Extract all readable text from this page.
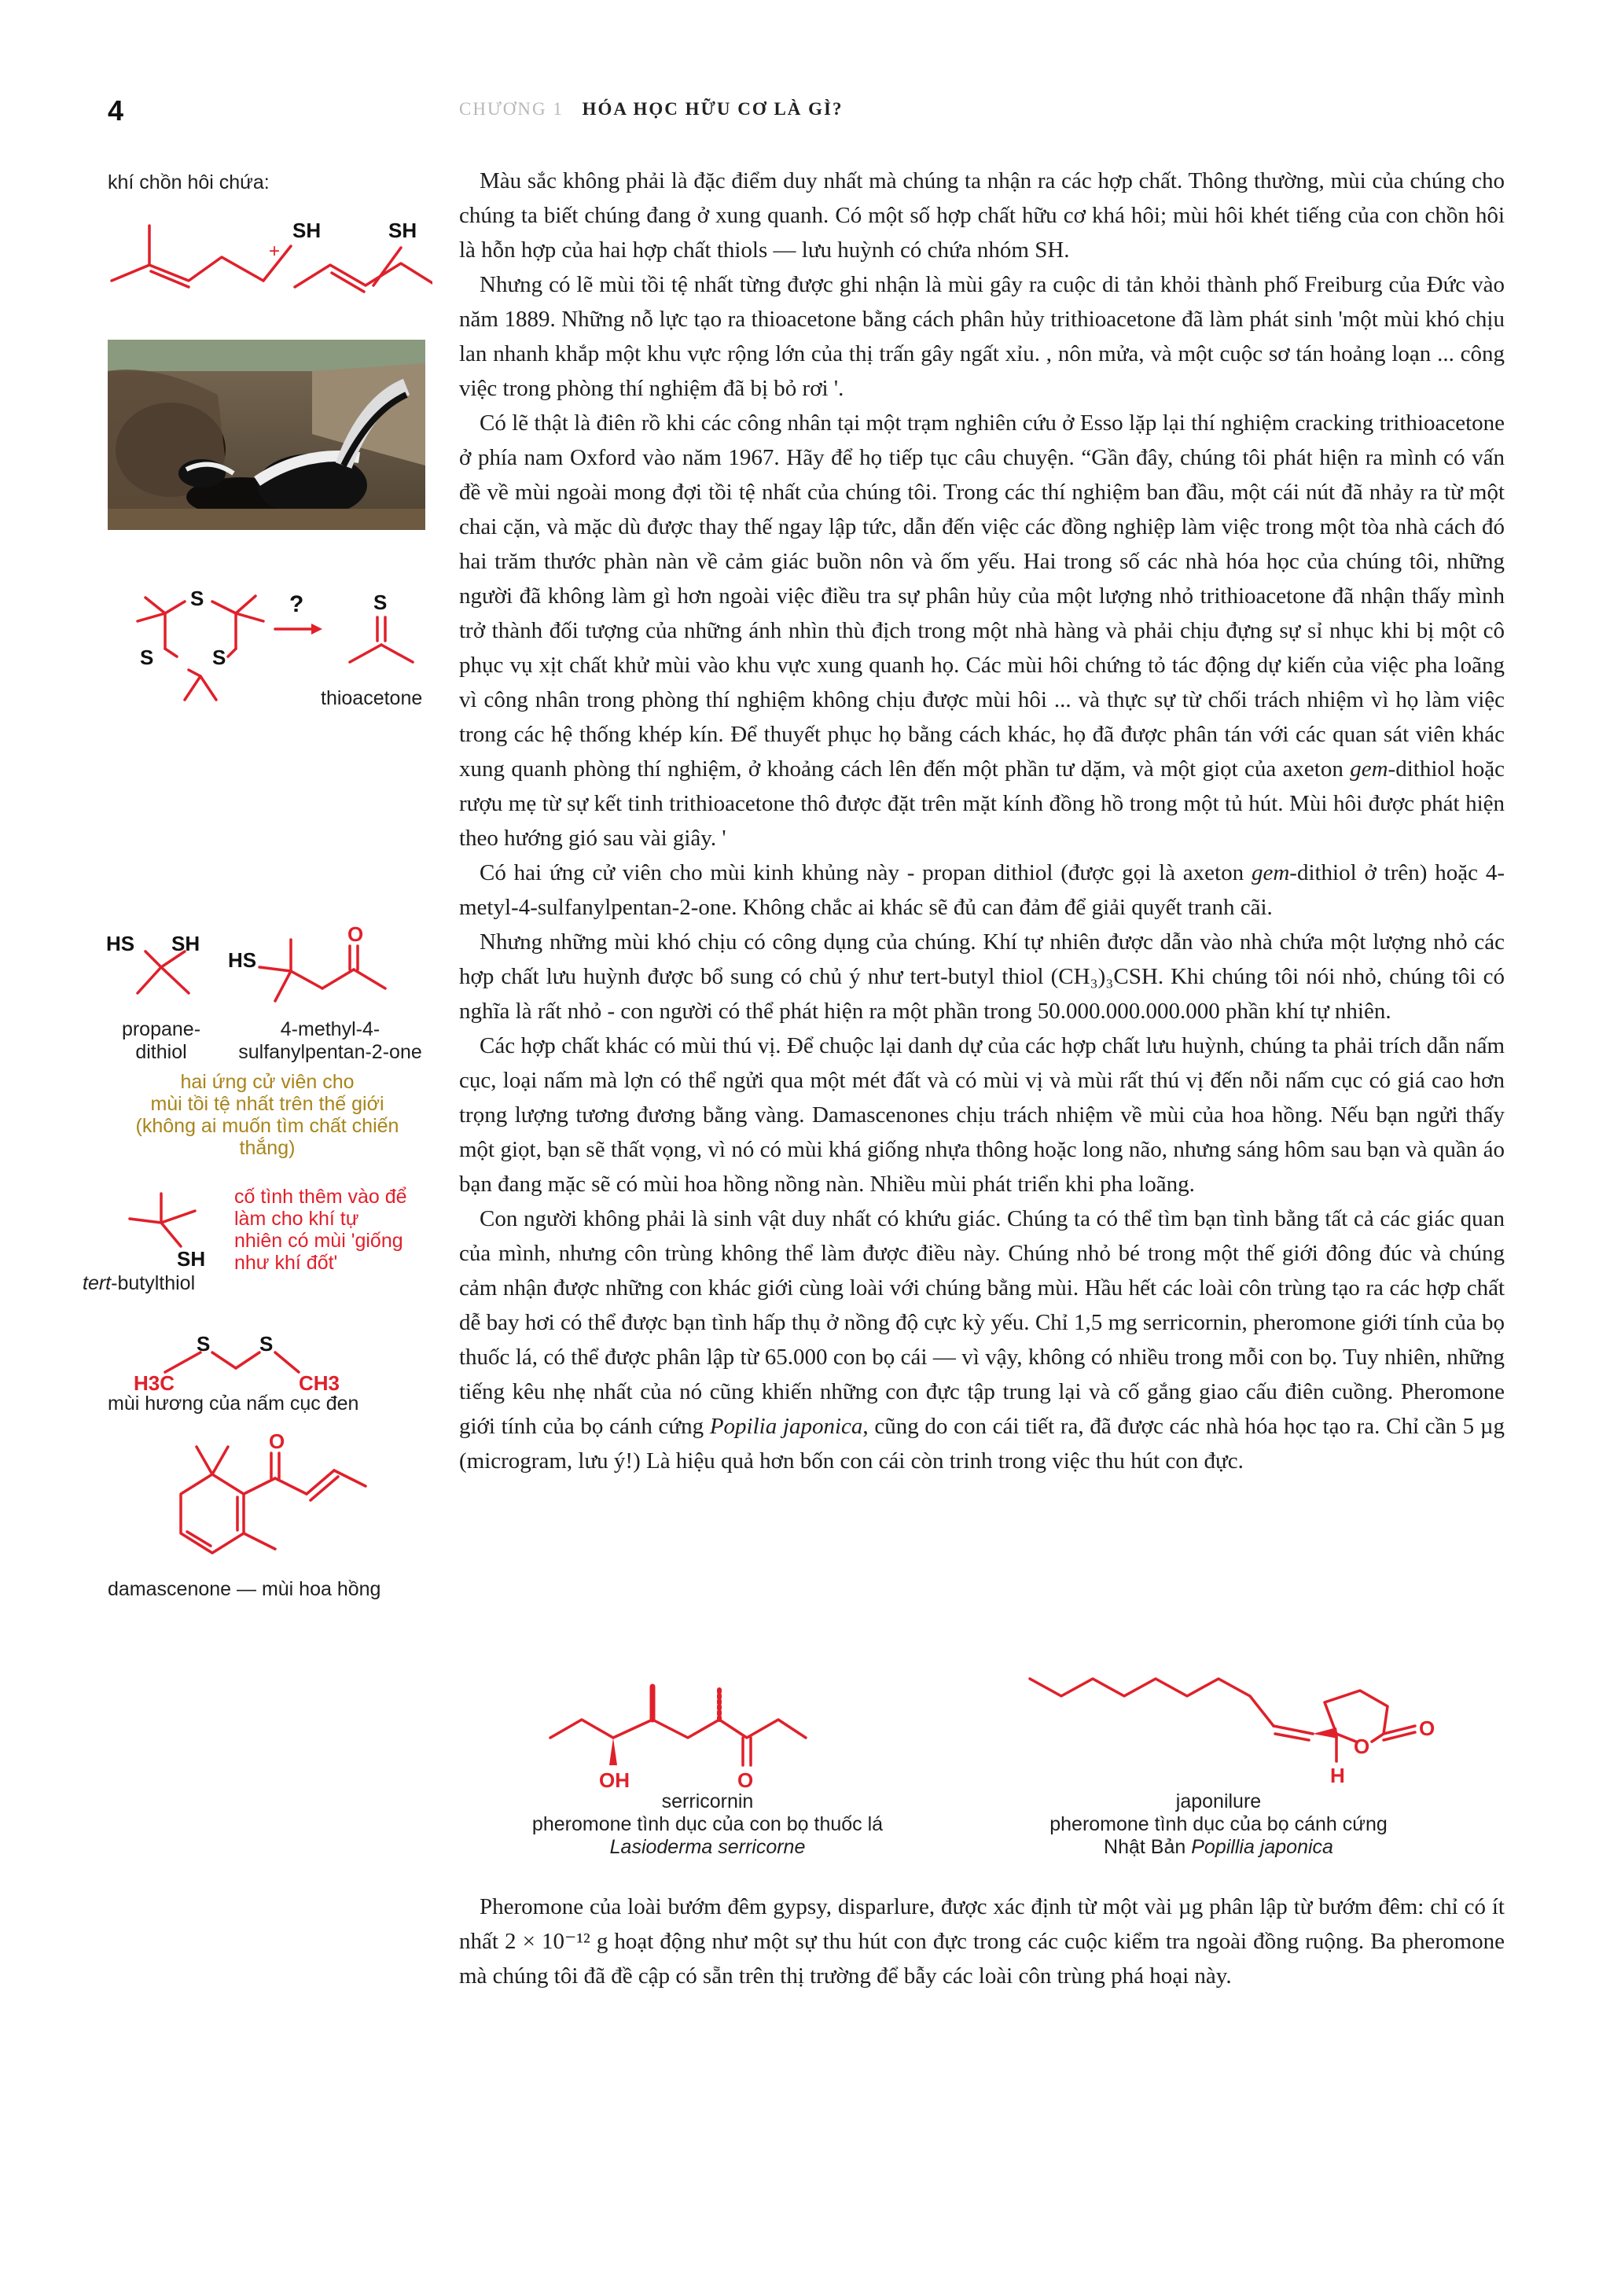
4	CHƯƠNG 1 HÓA HỌC HỮU CƠ LÀ GÌ?
khí chồn hôi chứa:
SH
+
SH
S
S	S
?	S
thioacetone
HS SH
HS
O
propane-
dithiol
4-methyl-4-
sulfanylpentan-2-one
hai ứng cử viên cho
mùi tồi tệ nhất trên thế giới
(không ai muốn tìm chất chiến
thắng)
SH
tert-butylthiol
cố tình thêm vào để
làm cho khí tự
nhiên có mùi 'giống
như khí đốt'
S S
H3C	CH3
mùi hương của nấm cục đen
O
damascenone — mùi hoa hồng

Màu sắc không phải là đặc điểm duy nhất mà chúng ta nhận ra các hợp chất. Thông thường, mùi của chúng cho chúng ta biết chúng đang ở xung quanh. Có một số hợp chất hữu cơ khá hôi; mùi hôi khét tiếng của con chồn hôi là hỗn hợp của hai hợp chất thiols — lưu huỳnh có chứa nhóm SH.

Nhưng có lẽ mùi tồi tệ nhất từng được ghi nhận là mùi gây ra cuộc di tản khỏi thành phố Freiburg của Đức vào năm 1889. Những nỗ lực tạo ra thioacetone bằng cách phân hủy trithioacetone đã làm phát sinh 'một mùi khó chịu lan nhanh khắp một khu vực rộng lớn của thị trấn gây ngất xỉu. , nôn mửa, và một cuộc sơ tán hoảng loạn ... công việc trong phòng thí nghiệm đã bị bỏ rơi '.

Có lẽ thật là điên rồ khi các công nhân tại một trạm nghiên cứu ở Esso lặp lại thí nghiệm cracking trithioacetone ở phía nam Oxford vào năm 1967. Hãy để họ tiếp tục câu chuyện. “Gần đây, chúng tôi phát hiện ra mình có vấn đề về mùi ngoài mong đợi tồi tệ nhất của chúng tôi. Trong các thí nghiệm ban đầu, một cái nút đã nhảy ra từ một chai cặn, và mặc dù được thay thế ngay lập tức, dẫn đến việc các đồng nghiệp làm việc trong một tòa nhà cách đó hai trăm thước phàn nàn về cảm giác buồn nôn và ốm yếu. Hai trong số các nhà hóa học của chúng tôi, những người đã không làm gì hơn ngoài việc điều tra sự phân hủy của một lượng nhỏ trithioacetone đã nhận thấy mình trở thành đối tượng của những ánh nhìn thù địch trong một nhà hàng và phải chịu đựng sự sỉ nhục khi bị một cô phục vụ xịt chất khử mùi vào khu vực xung quanh họ. Các mùi hôi chứng tỏ tác động dự kiến của việc pha loãng vì công nhân trong phòng thí nghiệm không chịu được mùi hôi ... và thực sự từ chối trách nhiệm vì họ làm việc trong các hệ thống khép kín. Để thuyết phục họ bằng cách khác, họ đã được phân tán với các quan sát viên khác xung quanh phòng thí nghiệm, ở khoảng cách lên đến một phần tư dặm, và một giọt của axeton gem-dithiol hoặc rượu mẹ từ sự kết tinh trithioacetone thô được đặt trên mặt kính đồng hồ trong một tủ hút. Mùi hôi được phát hiện theo hướng gió sau vài giây. '

Có hai ứng cử viên cho mùi kinh khủng này - propan dithiol (được gọi là axeton gem-dithiol ở trên) hoặc 4-metyl-4-sulfanylpentan-2-one. Không chắc ai khác sẽ đủ can đảm để giải quyết tranh cãi.

Nhưng những mùi khó chịu có công dụng của chúng. Khí tự nhiên được dẫn vào nhà chứa một lượng nhỏ các hợp chất lưu huỳnh được bổ sung có chủ ý như tert-butyl thiol (CH₃)₃CSH. Khi chúng tôi nói nhỏ, chúng tôi có nghĩa là rất nhỏ - con người có thể phát hiện ra một phần trong 50.000.000.000.000 phần khí tự nhiên.

Các hợp chất khác có mùi thú vị. Để chuộc lại danh dự của các hợp chất lưu huỳnh, chúng ta phải trích dẫn nấm cục, loại nấm mà lợn có thể ngửi qua một mét đất và có mùi vị và mùi rất thú vị đến nỗi nấm cục có giá cao hơn trọng lượng tương đương bằng vàng. Damascenones chịu trách nhiệm về mùi của hoa hồng. Nếu bạn ngửi thấy một giọt, bạn sẽ thất vọng, vì nó có mùi khá giống nhựa thông hoặc long não, nhưng sáng hôm sau bạn và quần áo bạn đang mặc sẽ có mùi hoa hồng nồng nàn. Nhiều mùi phát triển khi pha loãng.

Con người không phải là sinh vật duy nhất có khứu giác. Chúng ta có thể tìm bạn tình bằng tất cả các giác quan của mình, nhưng côn trùng không thể làm được điều này. Chúng nhỏ bé trong một thế giới đông đúc và chúng cảm nhận được những con khác giới cùng loài với chúng bằng mùi. Hầu hết các loài côn trùng tạo ra các hợp chất dễ bay hơi có thể được bạn tình hấp thụ ở nồng độ cực kỳ yếu. Chỉ 1,5 mg serricornin, pheromone giới tính của bọ thuốc lá, có thể được phân lập từ 65.000 con bọ cái — vì vậy, không có nhiều trong mỗi con bọ. Tuy nhiên, những tiếng kêu nhẹ nhất của nó cũng khiến những con đực tập trung lại và cố gắng giao cấu điên cuồng. Pheromone giới tính của bọ cánh cứng Popilia japonica, cũng do con cái tiết ra, đã được các nhà hóa học tạo ra. Chỉ cần 5 µg (microgram, lưu ý!) Là hiệu quả hơn bốn con cái còn trinh trong việc thu hút con đực.

OH	O
serricornin
pheromone tình dục của con bọ thuốc lá
Lasioderma serricorne
O
O
H
japonilure
pheromone tình dục của bọ cánh cứng
Nhật Bản Popillia japonica

Pheromone của loài bướm đêm gypsy, disparlure, được xác định từ một vài µg phân lập từ bướm đêm: chỉ có ít nhất 2 × 10⁻¹² g hoạt động như một sự thu hút con đực trong các cuộc kiểm tra ngoài đồng ruộng. Ba pheromone mà chúng tôi đã đề cập có sẵn trên thị trường để bẫy các loài côn trùng phá hoại này.
